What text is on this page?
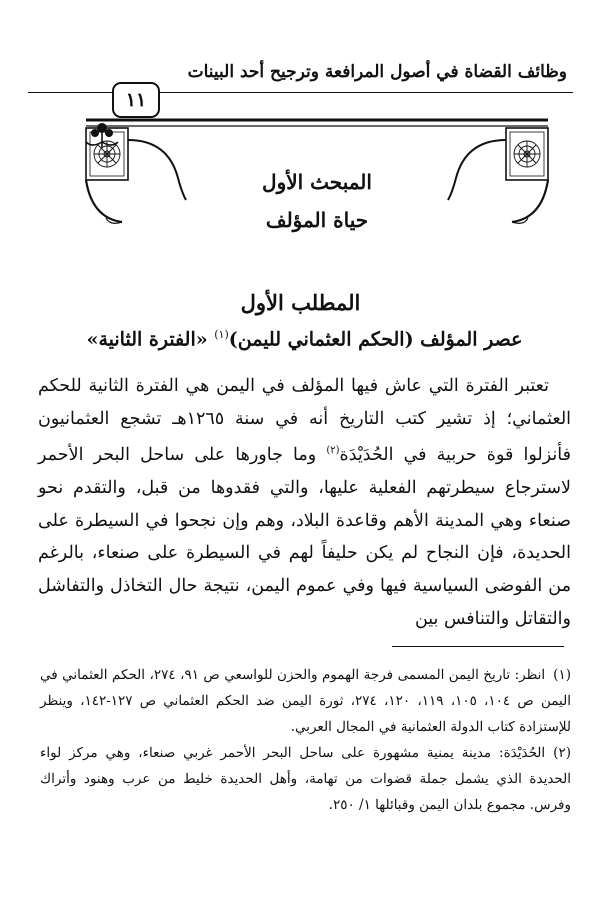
وظائف القضاة في أصول المرافعة وترجيح أحد البينات
١١
المبحث الأول
حياة المؤلف
المطلب الأول
عصر المؤلف (الحكم العثماني لليمن)$^{(١)}$ «الفترة الثانية»

تعتبر الفترة التي عاش فيها المؤلف في اليمن هي الفترة الثانية للحكم العثماني؛ إذ تشير كتب التاريخ أنه في سنة ١٢٦٥هـ تشجع العثمانيون فأنزلوا قوة حربية في الحُدَيْدَة$^{(٢)}$ وما جاورها على ساحل البحر الأحمر لاسترجاع سيطرتهم الفعلية عليها، والتي فقدوها من قبل، والتقدم نحو صنعاء وهي المدينة الأهم وقاعدة البلاد، وهم وإن نجحوا في السيطرة على الحديدة، فإن النجاح لم يكن حليفاً لهم في السيطرة على صنعاء، بالرغم من الفوضى السياسية فيها وفي عموم اليمن، نتيجة حال التخاذل والتفاشل والتقاتل والتنافس بين

(١)انظر: تاريخ اليمن المسمى فرجة الهموم والحزن للواسعي ص ٩١، ٢٧٤، الحكم العثماني في اليمن ص ١٠٤، ١٠٥، ١١٩، ١٢٠، ٢٧٤، ثورة اليمن ضد الحكم العثماني ص ١٢٧-١٤٢، وينظر للإستزادة كتاب الدولة العثمانية في المجال العربي.

(٢)الحُدَيْدَة: مدينة يمنية مشهورة على ساحل البحر الأحمر غربي صنعاء، وهي مركز لواء الحديدة الذي يشمل جملة قضوات من تهامة، وأهل الحديدة خليط من عرب وهنود وأتراك وفرس. مجموع بلدان اليمن وقبائلها ١/ ٢٥٠.
